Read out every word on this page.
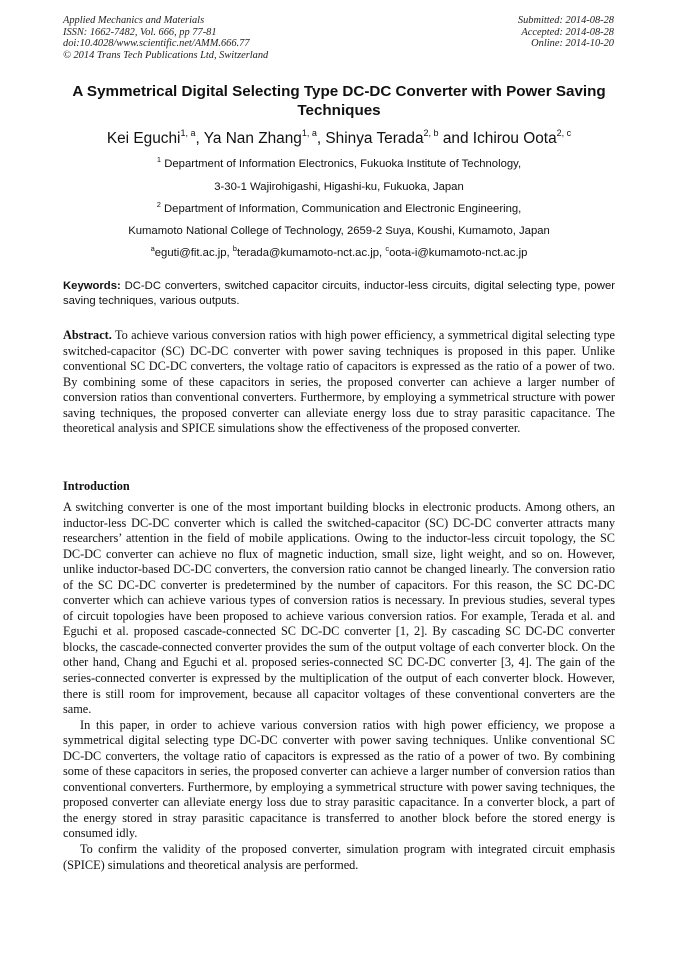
Applied Mechanics and Materials
ISSN: 1662-7482, Vol. 666, pp 77-81
doi:10.4028/www.scientific.net/AMM.666.77
© 2014 Trans Tech Publications Ltd, Switzerland
Submitted: 2014-08-28
Accepted: 2014-08-28
Online: 2014-10-20
A Symmetrical Digital Selecting Type DC-DC Converter with Power Saving Techniques
Kei Eguchi$^{1, a}$, Ya Nan Zhang$^{1, a}$, Shinya Terada$^{2, b}$ and Ichirou Oota$^{2, c}$
$^1$ Department of Information Electronics, Fukuoka Institute of Technology,
3-30-1 Wajirohigashi, Higashi-ku, Fukuoka, Japan
$^2$ Department of Information, Communication and Electronic Engineering,
Kumamoto National College of Technology, 2659-2 Suya, Koushi, Kumamoto, Japan
$^a$eguti@fit.ac.jp, $^b$terada@kumamoto-nct.ac.jp, $^c$oota-i@kumamoto-nct.ac.jp
Keywords: DC-DC converters, switched capacitor circuits, inductor-less circuits, digital selecting type, power saving techniques, various outputs.
Abstract. To achieve various conversion ratios with high power efficiency, a symmetrical digital selecting type switched-capacitor (SC) DC-DC converter with power saving techniques is proposed in this paper. Unlike conventional SC DC-DC converters, the voltage ratio of capacitors is expressed as the ratio of a power of two. By combining some of these capacitors in series, the proposed converter can achieve a larger number of conversion ratios than conventional converters. Furthermore, by employing a symmetrical structure with power saving techniques, the proposed converter can alleviate energy loss due to stray parasitic capacitance. The theoretical analysis and SPICE simulations show the effectiveness of the proposed converter.
Introduction

A switching converter is one of the most important building blocks in electronic products. Among others, an inductor-less DC-DC converter which is called the switched-capacitor (SC) DC-DC converter attracts many researchers’ attention in the field of mobile applications. Owing to the inductor-less circuit topology, the SC DC-DC converter can achieve no flux of magnetic induction, small size, light weight, and so on. However, unlike inductor-based DC-DC converters, the conversion ratio cannot be changed linearly. The conversion ratio of the SC DC-DC converter is predetermined by the number of capacitors. For this reason, the SC DC-DC converter which can achieve various types of conversion ratios is necessary. In previous studies, several types of circuit topologies have been proposed to achieve various conversion ratios. For example, Terada et al. and Eguchi et al. proposed cascade-connected SC DC-DC converter [1, 2]. By cascading SC DC-DC converter blocks, the cascade-connected converter provides the sum of the output voltage of each converter block. On the other hand, Chang and Eguchi et al. proposed series-connected SC DC-DC converter [3, 4]. The gain of the series-connected converter is expressed by the multiplication of the output of each converter block. However, there is still room for improvement, because all capacitor voltages of these conventional converters are the same.

In this paper, in order to achieve various conversion ratios with high power efficiency, we propose a symmetrical digital selecting type DC-DC converter with power saving techniques. Unlike conventional SC DC-DC converters, the voltage ratio of capacitors is expressed as the ratio of a power of two. By combining some of these capacitors in series, the proposed converter can achieve a larger number of conversion ratios than conventional converters. Furthermore, by employing a symmetrical structure with power saving techniques, the proposed converter can alleviate energy loss due to stray parasitic capacitance. In a converter block, a part of the energy stored in stray parasitic capacitance is transferred to another block before the stored energy is consumed idly.

To confirm the validity of the proposed converter, simulation program with integrated circuit emphasis (SPICE) simulations and theoretical analysis are performed.
